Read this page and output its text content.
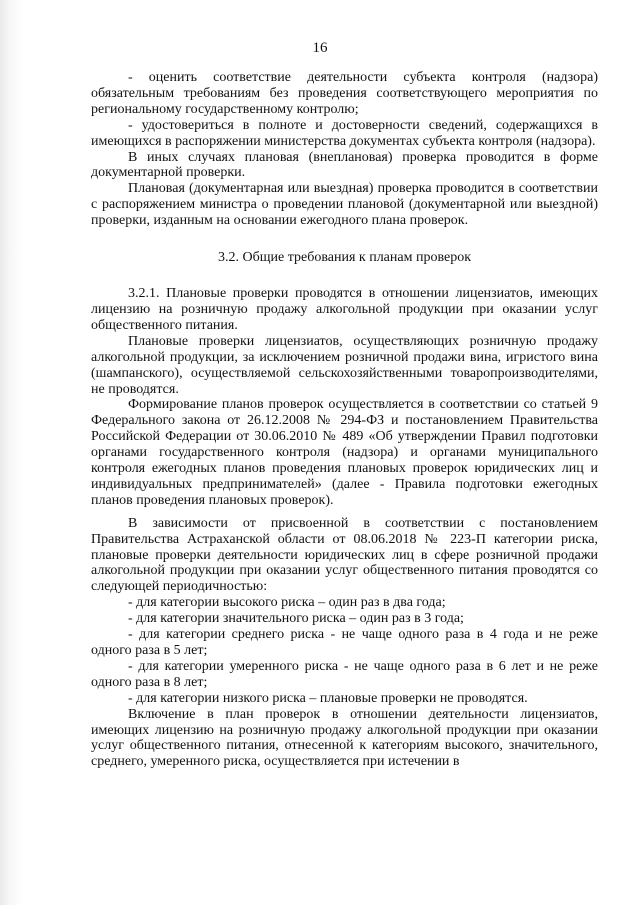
16

- оценить соответствие деятельности субъекта контроля (надзора) обязательным требованиям без проведения соответствующего мероприятия по региональному государственному контролю;

- удостовериться в полноте и достоверности сведений, содержащихся в имеющихся в распоряжении министерства документах субъекта контроля (надзора).

В иных случаях плановая (внеплановая) проверка проводится в форме документарной проверки.

Плановая (документарная или выездная) проверка проводится в соответствии с распоряжением министра о проведении плановой (документарной или выездной) проверки, изданным на основании ежегодного плана проверок.

3.2. Общие требования к планам проверок

3.2.1. Плановые проверки проводятся в отношении лицензиатов, имеющих лицензию на розничную продажу алкогольной продукции при оказании услуг общественного питания.

Плановые проверки лицензиатов, осуществляющих розничную продажу алкогольной продукции, за исключением розничной продажи вина, игристого вина (шампанского), осуществляемой сельскохозяйственными товаропроизводителями, не проводятся.

Формирование планов проверок осуществляется в соответствии со статьей 9 Федерального закона от 26.12.2008 № 294-ФЗ и постановлением Правительства Российской Федерации от 30.06.2010 № 489 «Об утверждении Правил подготовки органами государственного контроля (надзора) и органами муниципального контроля ежегодных планов проведения плановых проверок юридических лиц и индивидуальных предпринимателей» (далее - Правила подготовки ежегодных планов проведения плановых проверок).

В зависимости от присвоенной в соответствии с постановлением Правительства Астраханской области от 08.06.2018 № 223-П категории риска, плановые проверки деятельности юридических лиц в сфере розничной продажи алкогольной продукции при оказании услуг общественного питания проводятся со следующей периодичностью:

- для категории высокого риска – один раз в два года;

- для категории значительного риска – один раз в 3 года;

- для категории среднего риска - не чаще одного раза в 4 года и не реже одного раза в 5 лет;

- для категории умеренного риска - не чаще одного раза в 6 лет и не реже одного раза в 8 лет;

- для категории низкого риска – плановые проверки не проводятся.

Включение в план проверок в отношении деятельности лицензиатов, имеющих лицензию на розничную продажу алкогольной продукции при оказании услуг общественного питания, отнесенной к категориям высокого, значительного, среднего, умеренного риска, осуществляется при истечении в
